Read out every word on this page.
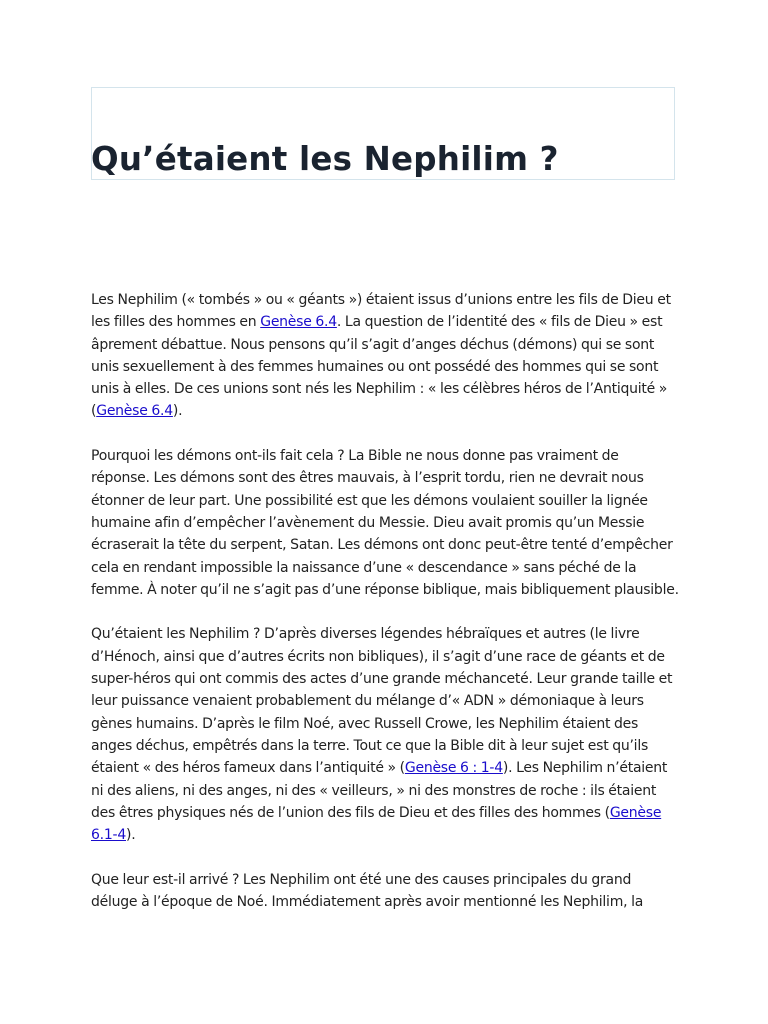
Qu’étaient les Nephilim ?

Les Nephilim (« tombés » ou « géants ») étaient issus d’unions entre les fils de Dieu et les filles des hommes en Genèse 6.4. La question de l’identité des « fils de Dieu » est âprement débattue. Nous pensons qu’il s’agit d’anges déchus (démons) qui se sont unis sexuellement à des femmes humaines ou ont possédé des hommes qui se sont unis à elles. De ces unions sont nés les Nephilim : « les célèbres héros de l’Antiquité » (Genèse 6.4).

Pourquoi les démons ont-ils fait cela ? La Bible ne nous donne pas vraiment de réponse. Les démons sont des êtres mauvais, à l’esprit tordu, rien ne devrait nous étonner de leur part. Une possibilité est que les démons voulaient souiller la lignée humaine afin d’empêcher l’avènement du Messie. Dieu avait promis qu’un Messie écraserait la tête du serpent, Satan. Les démons ont donc peut-être tenté d’empêcher cela en rendant impossible la naissance d’une « descendance » sans péché de la femme. À noter qu’il ne s’agit pas d’une réponse biblique, mais bibliquement plausible.

Qu’étaient les Nephilim ? D’après diverses légendes hébraïques et autres (le livre d’Hénoch, ainsi que d’autres écrits non bibliques), il s’agit d’une race de géants et de super-héros qui ont commis des actes d’une grande méchanceté. Leur grande taille et leur puissance venaient probablement du mélange d’« ADN » démoniaque à leurs gènes humains. D’après le film Noé, avec Russell Crowe, les Nephilim étaient des anges déchus, empêtrés dans la terre. Tout ce que la Bible dit à leur sujet est qu’ils étaient « des héros fameux dans l’antiquité » (Genèse 6 : 1-4). Les Nephilim n’étaient ni des aliens, ni des anges, ni des « veilleurs, » ni des monstres de roche : ils étaient des êtres physiques nés de l’union des fils de Dieu et des filles des hommes (Genèse 6.1-4).

Que leur est-il arrivé ? Les Nephilim ont été une des causes principales du grand déluge à l’époque de Noé. Immédiatement après avoir mentionné les Nephilim, la
